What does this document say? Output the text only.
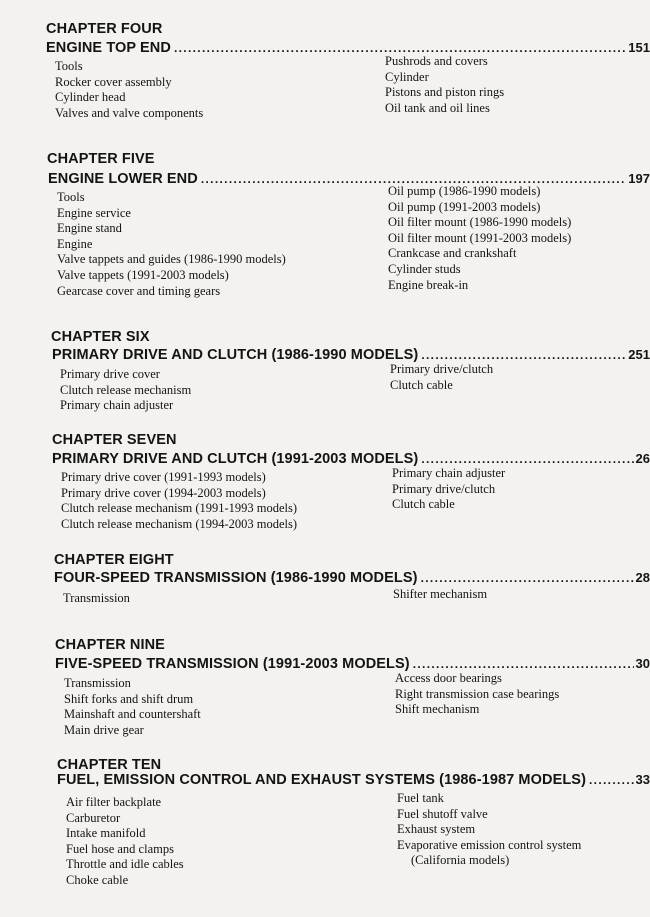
CHAPTER FOUR
ENGINE TOP END . . .	151
Tools
Rocker cover assembly
Cylinder head
Valves and valve components
Pushrods and covers
Cylinder
Pistons and piston rings
Oil tank and oil lines
CHAPTER FIVE
ENGINE LOWER END . . .	197
Tools
Engine service
Engine stand
Engine
Valve tappets and guides (1986-1990 models)
Valve tappets (1991-2003 models)
Gearcase cover and timing gears
Oil pump (1986-1990 models)
Oil pump (1991-2003 models)
Oil filter mount (1986-1990 models)
Oil filter mount (1991-2003 models)
Crankcase and crankshaft
Cylinder studs
Engine break-in
CHAPTER SIX
PRIMARY DRIVE AND CLUTCH (1986-1990 MODELS) . . .	251
Primary drive cover
Clutch release mechanism
Primary chain adjuster
Primary drive/clutch
Clutch cable
CHAPTER SEVEN
PRIMARY DRIVE AND CLUTCH (1991-2003 MODELS) . . .	26
Primary drive cover (1991-1993 models)
Primary drive cover (1994-2003 models)
Clutch release mechanism (1991-1993 models)
Clutch release mechanism (1994-2003 models)
Primary chain adjuster
Primary drive/clutch
Clutch cable
CHAPTER EIGHT
FOUR-SPEED TRANSMISSION (1986-1990 MODELS) . . .	28
Transmission	Shifter mechanism
CHAPTER NINE
FIVE-SPEED TRANSMISSION (1991-2003 MODELS) . . .	30
Transmission
Shift forks and shift drum
Mainshaft and countershaft
Main drive gear
Access door bearings
Right transmission case bearings
Shift mechanism
CHAPTER TEN
FUEL, EMISSION CONTROL AND EXHAUST SYSTEMS (1986-1987 MODELS) . . .	33
Air filter backplate
Carburetor
Intake manifold
Fuel hose and clamps
Throttle and idle cables
Choke cable
Fuel tank
Fuel shutoff valve
Exhaust system
Evaporative emission control system
(California models)
